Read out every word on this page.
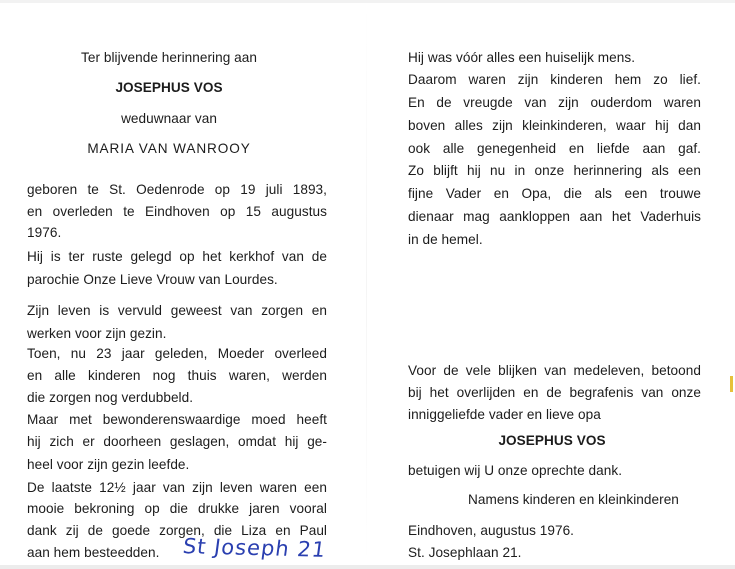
Ter blijvende herinnering aan
JOSEPHUS VOS
weduwnaar van
MARIA VAN WANROOY
geboren te St. Oedenrode op 19 juli 1893,
en overleden te Eindhoven op 15 augustus
1976.
Hij is ter ruste gelegd op het kerkhof van de
parochie Onze Lieve Vrouw van Lourdes.
Zijn leven is vervuld geweest van zorgen en
werken voor zijn gezin.
Toen, nu 23 jaar geleden, Moeder overleed
en alle kinderen nog thuis waren, werden
die zorgen nog verdubbeld.
Maar met bewonderenswaardige moed heeft
hij zich er doorheen geslagen, omdat hij ge-
heel voor zijn gezin leefde.
De laatste 12½ jaar van zijn leven waren een
mooie bekroning op die drukke jaren vooral
dank zij de goede zorgen, die Liza en Paul
aan hem besteedden. St Joseph 21
Hij was vóór alles een huiselijk mens.
Daarom waren zijn kinderen hem zo lief.
En de vreugde van zijn ouderdom waren
boven alles zijn kleinkinderen, waar hij dan
ook alle genegenheid en liefde aan gaf.
Zo blijft hij nu in onze herinnering als een
fijne Vader en Opa, die als een trouwe
dienaar mag aankloppen aan het Vaderhuis
in de hemel.
Voor de vele blijken van medeleven, betoond
bij het overlijden en de begrafenis van onze
inniggeliefde vader en lieve opa
JOSEPHUS VOS
betuigen wij U onze oprechte dank.
Namens kinderen en kleinkinderen
Eindhoven, augustus 1976.
St. Josephlaan 21.
